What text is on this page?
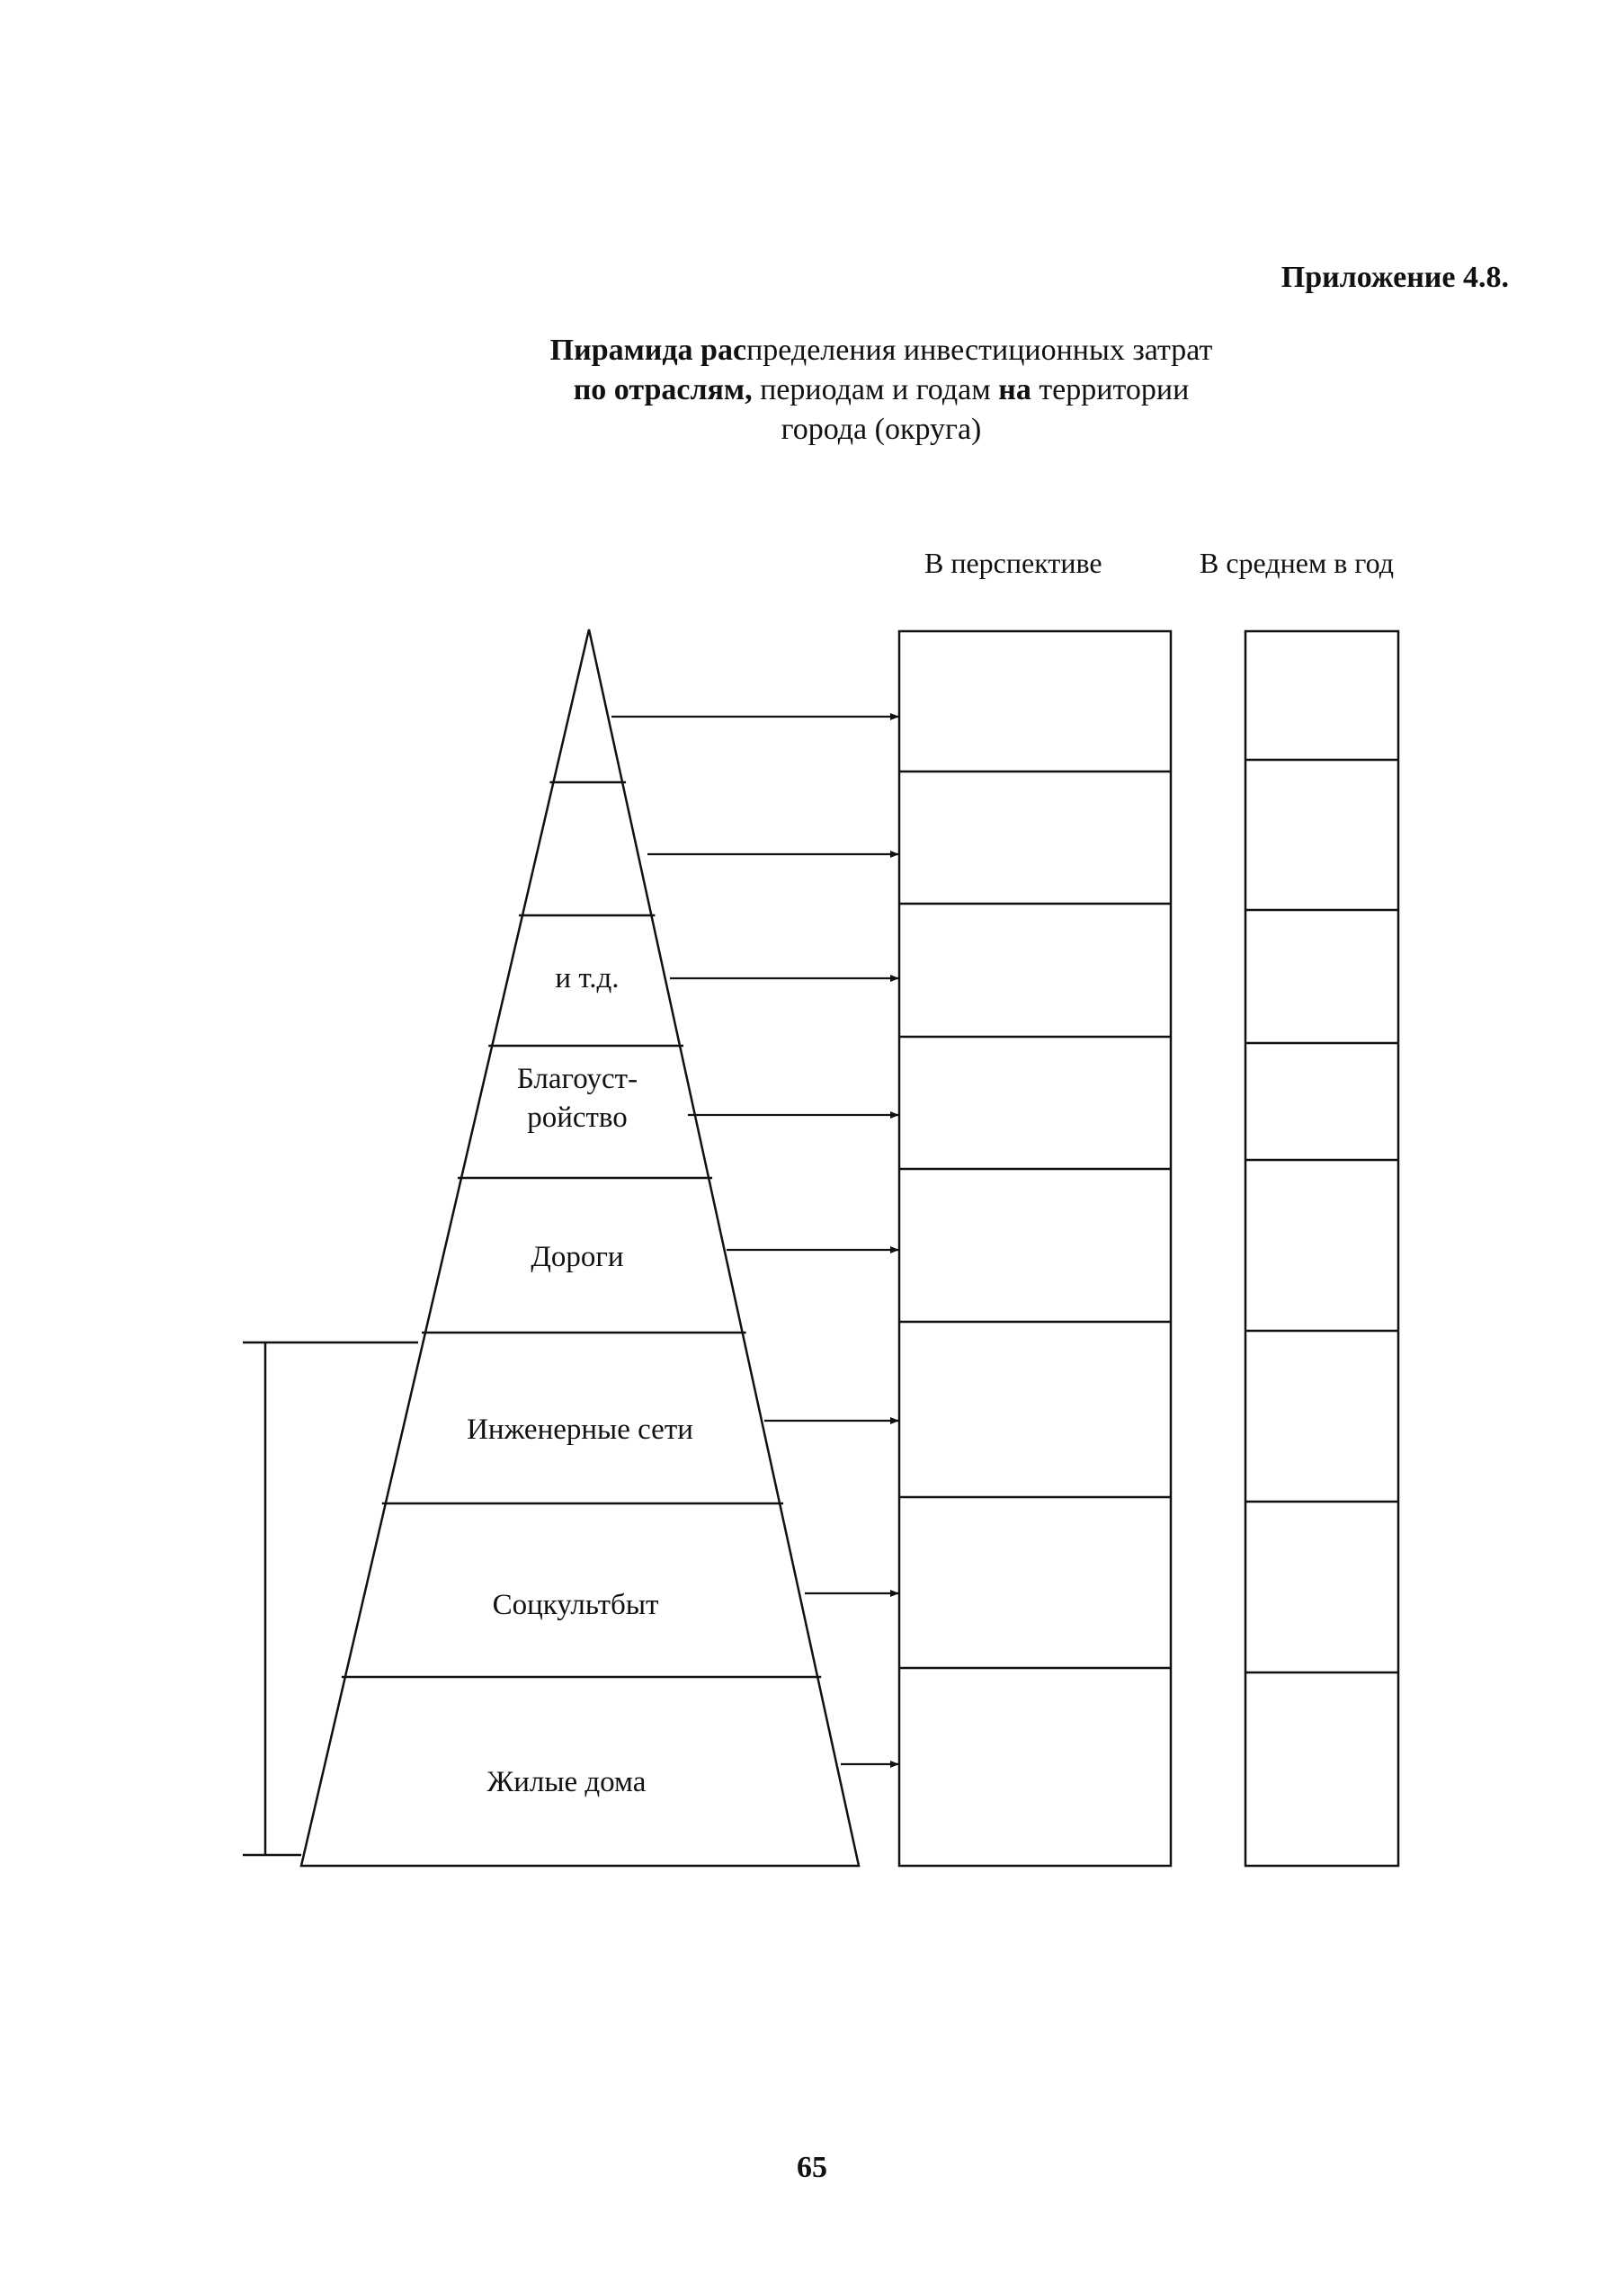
Приложение 4.8.
Пирамида распределения инвестиционных затрат
по отраслям, периодам и годам на территории
города (округа)
В перспективе	В среднем в год
и т.д.
Благоуст-
ройство
Дороги
Инженерные сети
Соцкультбыт
Жилые дома
65
